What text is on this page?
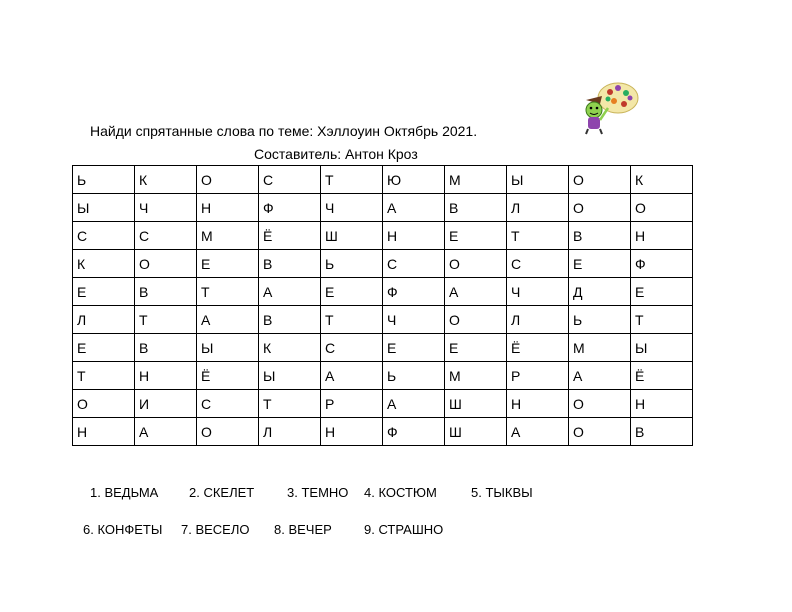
Найди спрятанные слова по теме: Хэллоуин Октябрь 2021.
Составитель: Антон Кроз
Ь	К	О	С	Т	Ю	М	Ы	О	К
Ы	Ч	Н	Ф	Ч	А	В	Л	О	О
С	С	М	Ё	Ш	Н	Е	Т	В	Н
К	О	Е	В	Ь	С	О	С	Е	Ф
Е	В	Т	А	Е	Ф	А	Ч	Д	Е
Л	Т	А	В	Т	Ч	О	Л	Ь	Т
Е	В	Ы	К	С	Е	Е	Ё	М	Ы
Т	Н	Ё	Ы	А	Ь	М	Р	А	Ё
О	И	С	Т	Р	А	Ш	Н	О	Н
Н	А	О	Л	Н	Ф	Ш	А	О	В
1. ВЕДЬМА 2. СКЕЛЕТ	3. ТЕМНО 4. КОСТЮМ	5. ТЫКВЫ
6. КОНФЕТЫ 7. ВЕСЕЛО 8. ВЕЧЕР 9. СТРАШНО
